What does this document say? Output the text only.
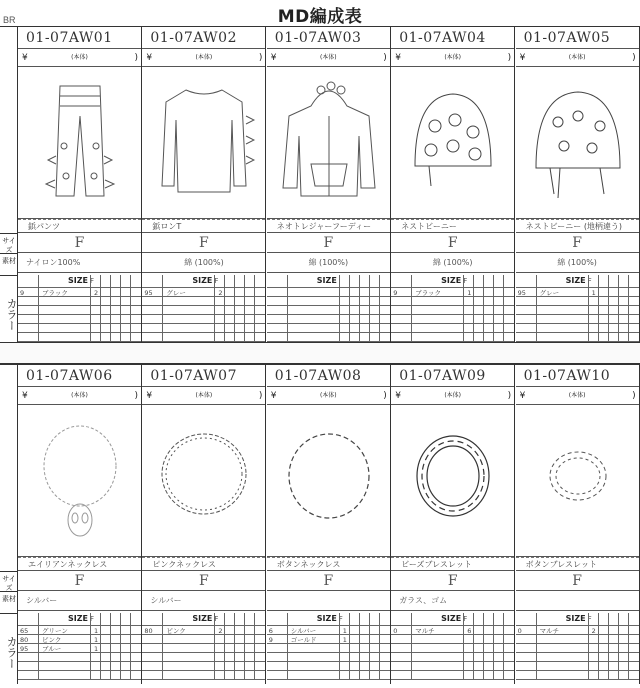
MD編成表
BR
サイズ
素材
カラー
01-07AW01
¥	(本体)	)
鋲パンツ
F
ナイロン100%
SIZE F
9	ブラック	2
01-07AW02
¥	(本体)	)
鋲ロンT
F
綿 (100%)
SIZE F
95 グレー	2
01-07AW03
¥	(本体)	)
ネオトレジャーフーディー
F
綿 (100%)
SIZE
01-07AW04
¥	(本体)	)
ネストビーニー
F
綿 (100%)
SIZE F
9	ブラック	1
01-07AW05
¥	(本体)	)
ネストビーニー (地柄違う)
F
綿 (100%)
SIZE F
95 グレー	1
サイズ
素材
カラー
01-07AW06
¥	(本体)	)
エイリアンネックレス
F
シルバー
SIZE F
65 グリーン	1
80 ピンク	1
95 ブルー	1
01-07AW07
¥	(本体)	)
ピンクネックレス
F
シルバー
SIZE F
80 ピンク	2
01-07AW08
¥	(本体)	)
ボタンネックレス
F
SIZE F
6	シルバー	1
9	ゴールド	1
01-07AW09
¥	(本体)	)
ビーズブレスレット
F
ガラス、ゴム
SIZE F
0	マルチ	6
01-07AW10
¥	(本体)	)
ボタンブレスレット
F
SIZE F
0	マルチ	2
